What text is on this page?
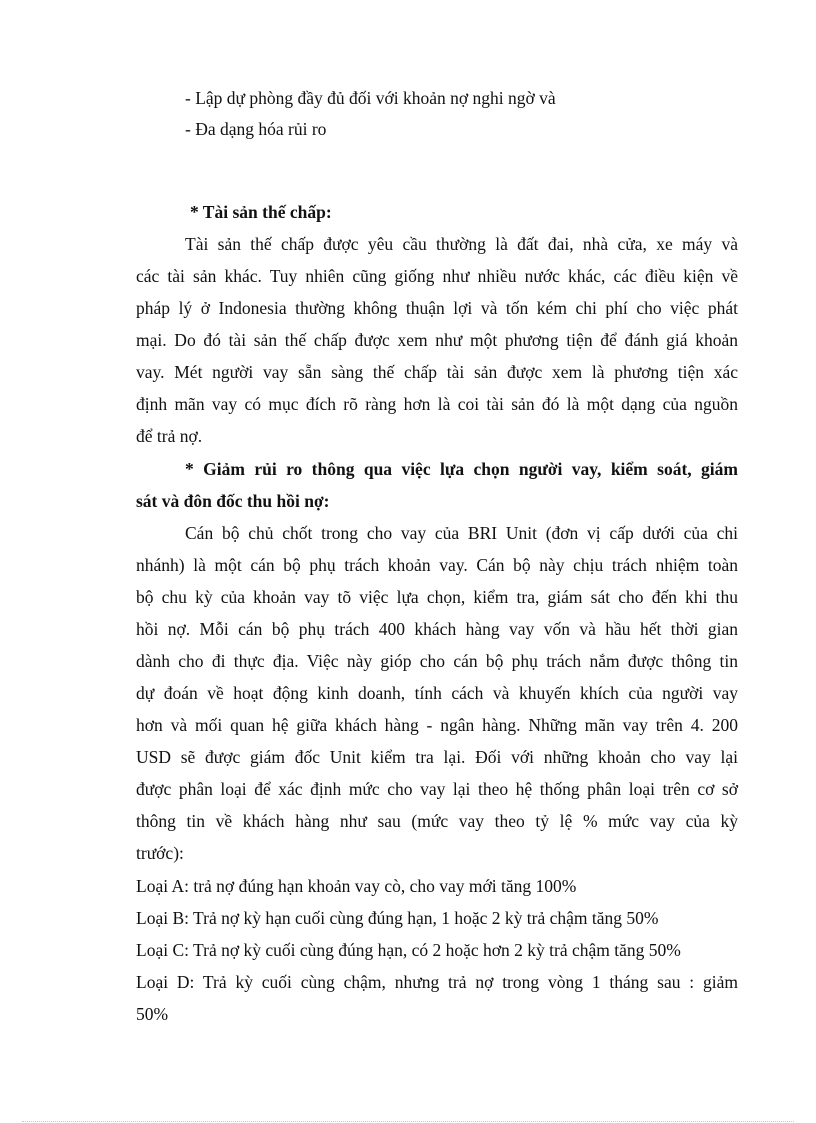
- Lập dự phòng đầy đủ đối với khoản nợ nghi ngờ và
- Đa dạng hóa rủi ro
* Tài sản thế chấp:
Tài sản thế chấp được yêu cầu thường là đất đai, nhà cửa, xe máy và
các tài sản khác. Tuy nhiên cũng giống như nhiều nước khác, các điều kiện về
pháp lý ở Indonesia thường không thuận lợi và tốn kém chi phí cho việc phát
mại. Do đó tài sản thế chấp được xem như một phương tiện để đánh giá khoản
vay. Mét người vay sẵn sàng thế chấp tài sản được xem là phương tiện xác
định mãn vay có mục đích rõ ràng hơn là coi tài sản đó là một dạng của nguồn
để trả nợ.
* Giảm rủi ro thông qua việc lựa chọn người vay, kiểm soát, giám
sát và đôn đốc thu hồi nợ:
Cán bộ chủ chốt trong cho vay của BRI Unit (đơn vị cấp dưới của chi
nhánh) là một cán bộ phụ trách khoản vay. Cán bộ này chịu trách nhiệm toàn
bộ chu kỳ của khoản vay tõ việc lựa chọn, kiểm tra, giám sát cho đến khi thu
hồi nợ. Mỗi cán bộ phụ trách 400 khách hàng vay vốn và hầu hết thời gian
dành cho đi thực địa. Việc này gióp cho cán bộ phụ trách nắm được thông tin
dự đoán về hoạt động kinh doanh, tính cách và khuyến khích của người vay
hơn và mối quan hệ giữa khách hàng - ngân hàng. Những mãn vay trên 4. 200
USD sẽ được giám đốc Unit kiểm tra lại. Đối với những khoản cho vay lại
được phân loại để xác định mức cho vay lại theo hệ thống phân loại trên cơ sở
thông tin về khách hàng như sau (mức vay theo tỷ lệ % mức vay của kỳ
trước):
Loại A: trả nợ đúng hạn khoản vay cò, cho vay mới tăng 100%
Loại B: Trả nợ kỳ hạn cuối cùng đúng hạn, 1 hoặc 2 kỳ trả chậm tăng 50%
Loại C: Trả nợ kỳ cuối cùng đúng hạn, có 2 hoặc hơn 2 kỳ trả chậm tăng 50%
Loại D: Trả kỳ cuối cùng chậm, nhưng trả nợ trong vòng 1 tháng sau : giảm
50%
